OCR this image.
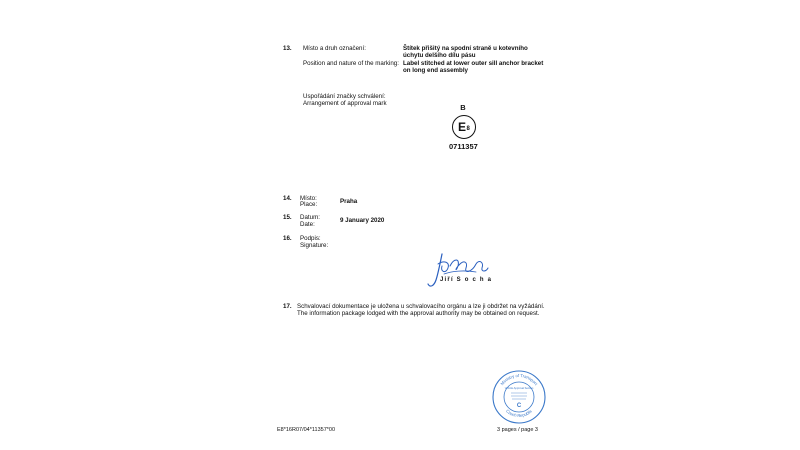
13. Místo a druh označení:
Position and nature of the marking:
Štítek přišitý na spodní straně u kotevního
úchytu delšího dílu pásu
Label stitched at lower outer sill anchor bracket
on long end assembly
Uspořádání značky schválení:
Arrangement of approval mark	B
E 8
0711357
14. Místo:
Place:	Praha
15. Datum:
Date:
9 January 2020
16. Podpis:
Signature:
Jiří S o c h a
17. Schvalovací dokumentace je uložena u schvalovacího orgánu a lze ji obdržet na vyžádání.
The information package lodged with the approval authority may be obtained on request.
Ministry of Transport
Czech Republic
Vehicle Approval Section
C
E8*16R07/04*11357*00	3 pages / page 3
